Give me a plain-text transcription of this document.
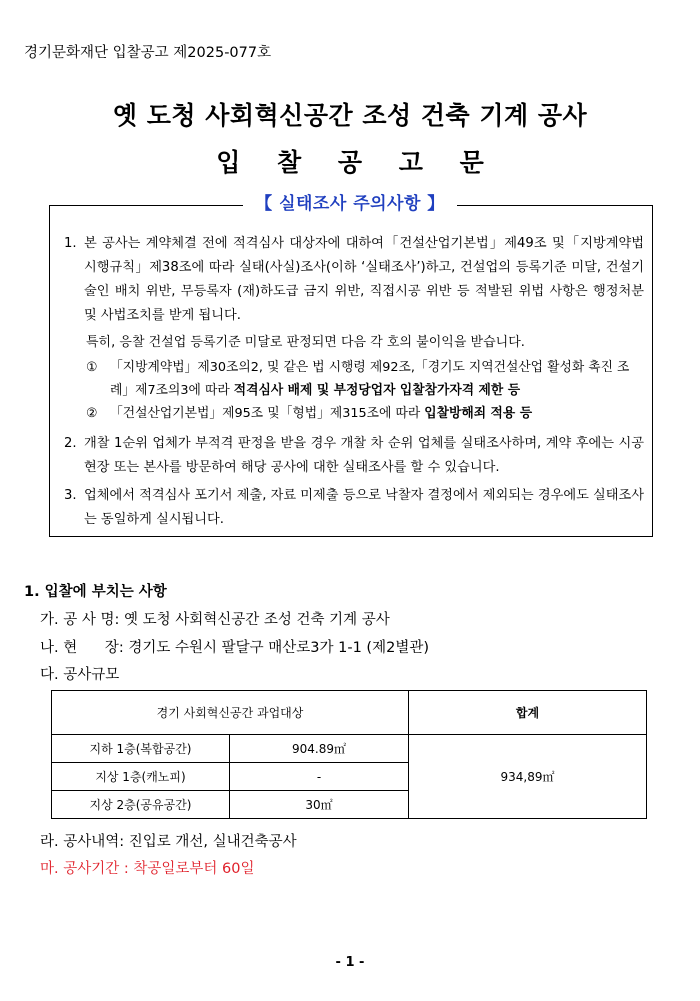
경기문화재단 입찰공고 제2025-077호
옛 도청 사회혁신공간 조성 건축 기계 공사
입 찰 공 고 문
【 실태조사 주의사항 】
1. 본 공사는 계약체결 전에 적격심사 대상자에 대하여「건설산업기본법」제49조 및「지방계약법 시행규칙」제38조에 따라 실태(사실)조사(이하 ‘실태조사’)하고, 건설업의 등록기준 미달, 건설기술인 배치 위반, 무등록자 (재)하도급 금지 위반, 직접시공 위반 등 적발된 위법 사항은 행정처분 및 사법조치를 받게 됩니다.
특히, 응찰 건설업 등록기준 미달로 판정되면 다음 각 호의 불이익을 받습니다.
① 「지방계약법」제30조의2, 및 같은 법 시행령 제92조,「경기도 지역건설산업 활성화 촉진 조례」제7조의3에 따라 적격심사 배제 및 부정당업자 입찰참가자격 제한 등
② 「건설산업기본법」제95조 및「형법」제315조에 따라 입찰방해죄 적용 등
2. 개찰 1순위 업체가 부적격 판정을 받을 경우 개찰 차 순위 업체를 실태조사하며, 계약 후에는 시공 현장 또는 본사를 방문하여 해당 공사에 대한 실태조사를 할 수 있습니다.
3. 업체에서 적격심사 포기서 제출, 자료 미제출 등으로 낙찰자 결정에서 제외되는 경우에도 실태조사는 동일하게 실시됩니다.
1. 입찰에 부치는 사항
가. 공 사 명: 옛 도청 사회혁신공간 조성 건축 기계 공사
나. 현      장: 경기도 수원시 팔달구 매산로3가 1-1 (제2별관)
다. 공사규모
경기 사회혁신공간 과업대상		합계
지하 1층(복합공간)	904.89㎡	934,89㎡
지상 1층(캐노피)	-	
지상 2층(공유공간)	30㎡	
라. 공사내역: 진입로 개선, 실내건축공사
마. 공사기간 : 착공일로부터 60일
- 1 -
